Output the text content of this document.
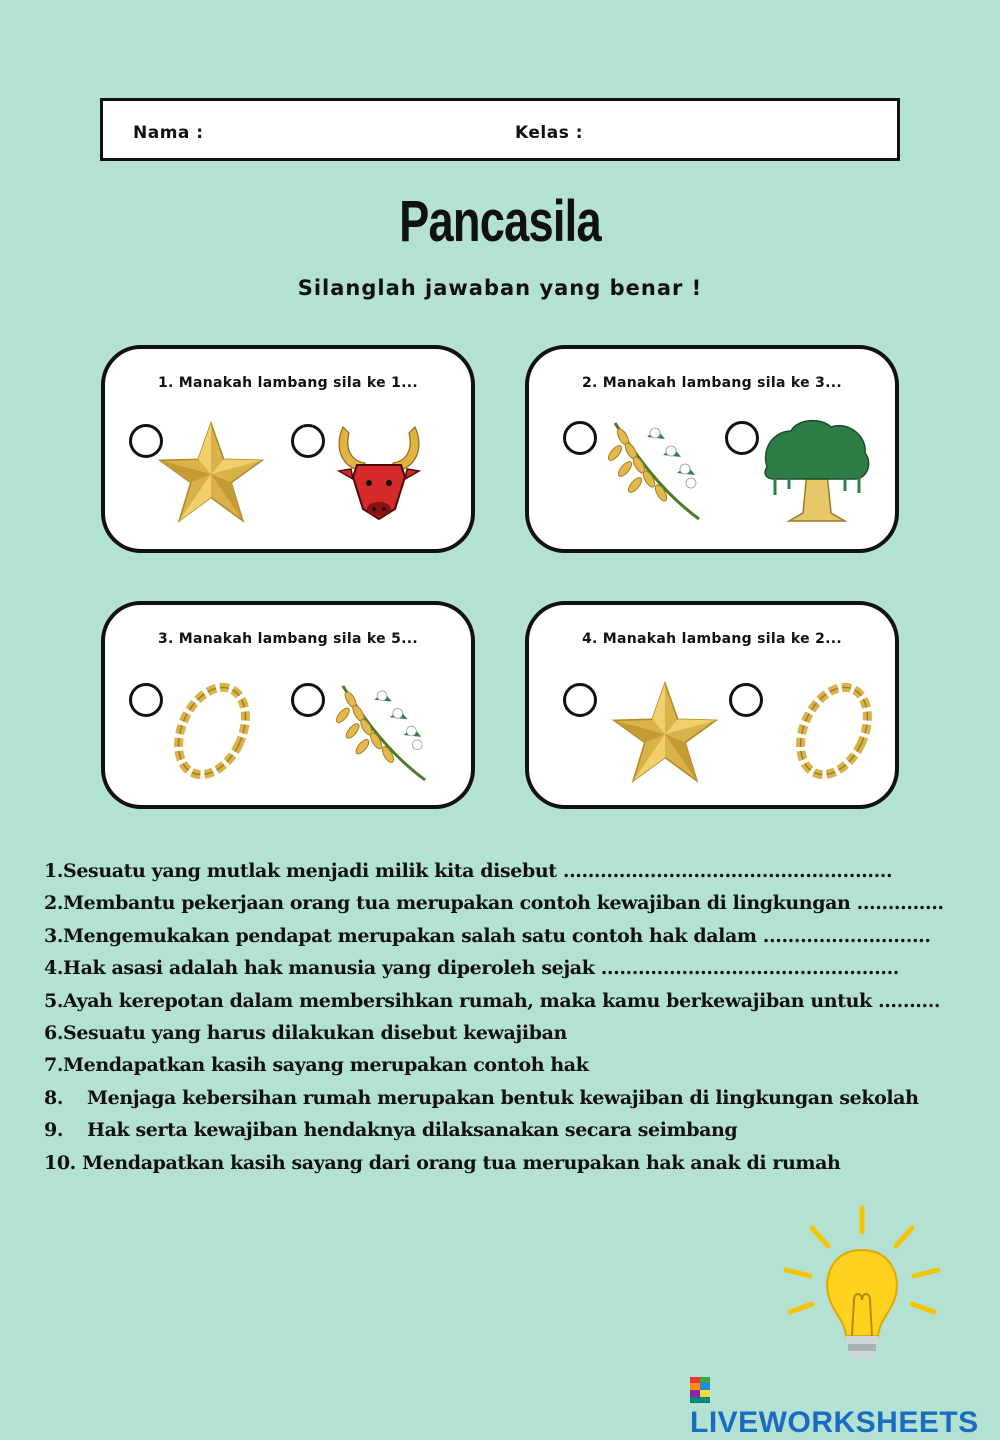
Nama :	Kelas :
Pancasila
Silanglah jawaban yang benar !
1. Manakah lambang sila ke 1...	2. Manakah lambang sila ke 3...
3. Manakah lambang sila ke 5...	4. Manakah lambang sila ke 2...
1.Sesuatu yang mutlak menjadi milik kita disebut .....................................................
2.Membantu pekerjaan orang tua merupakan contoh kewajiban di lingkungan ..............
3.Mengemukakan pendapat merupakan salah satu contoh hak dalam ...........................
4.Hak asasi adalah hak manusia yang diperoleh sejak ................................................
5.Ayah kerepotan dalam membersihkan rumah, maka kamu berkewajiban untuk ..........
6.Sesuatu yang harus dilakukan disebut kewajiban
7.Mendapatkan kasih sayang merupakan contoh hak
8. Menjaga kebersihan rumah merupakan bentuk kewajiban di lingkungan sekolah
9. Hak serta kewajiban hendaknya dilaksanakan secara seimbang
10. Mendapatkan kasih sayang dari orang tua merupakan hak anak di rumah
LIVEWORKSHEETS
